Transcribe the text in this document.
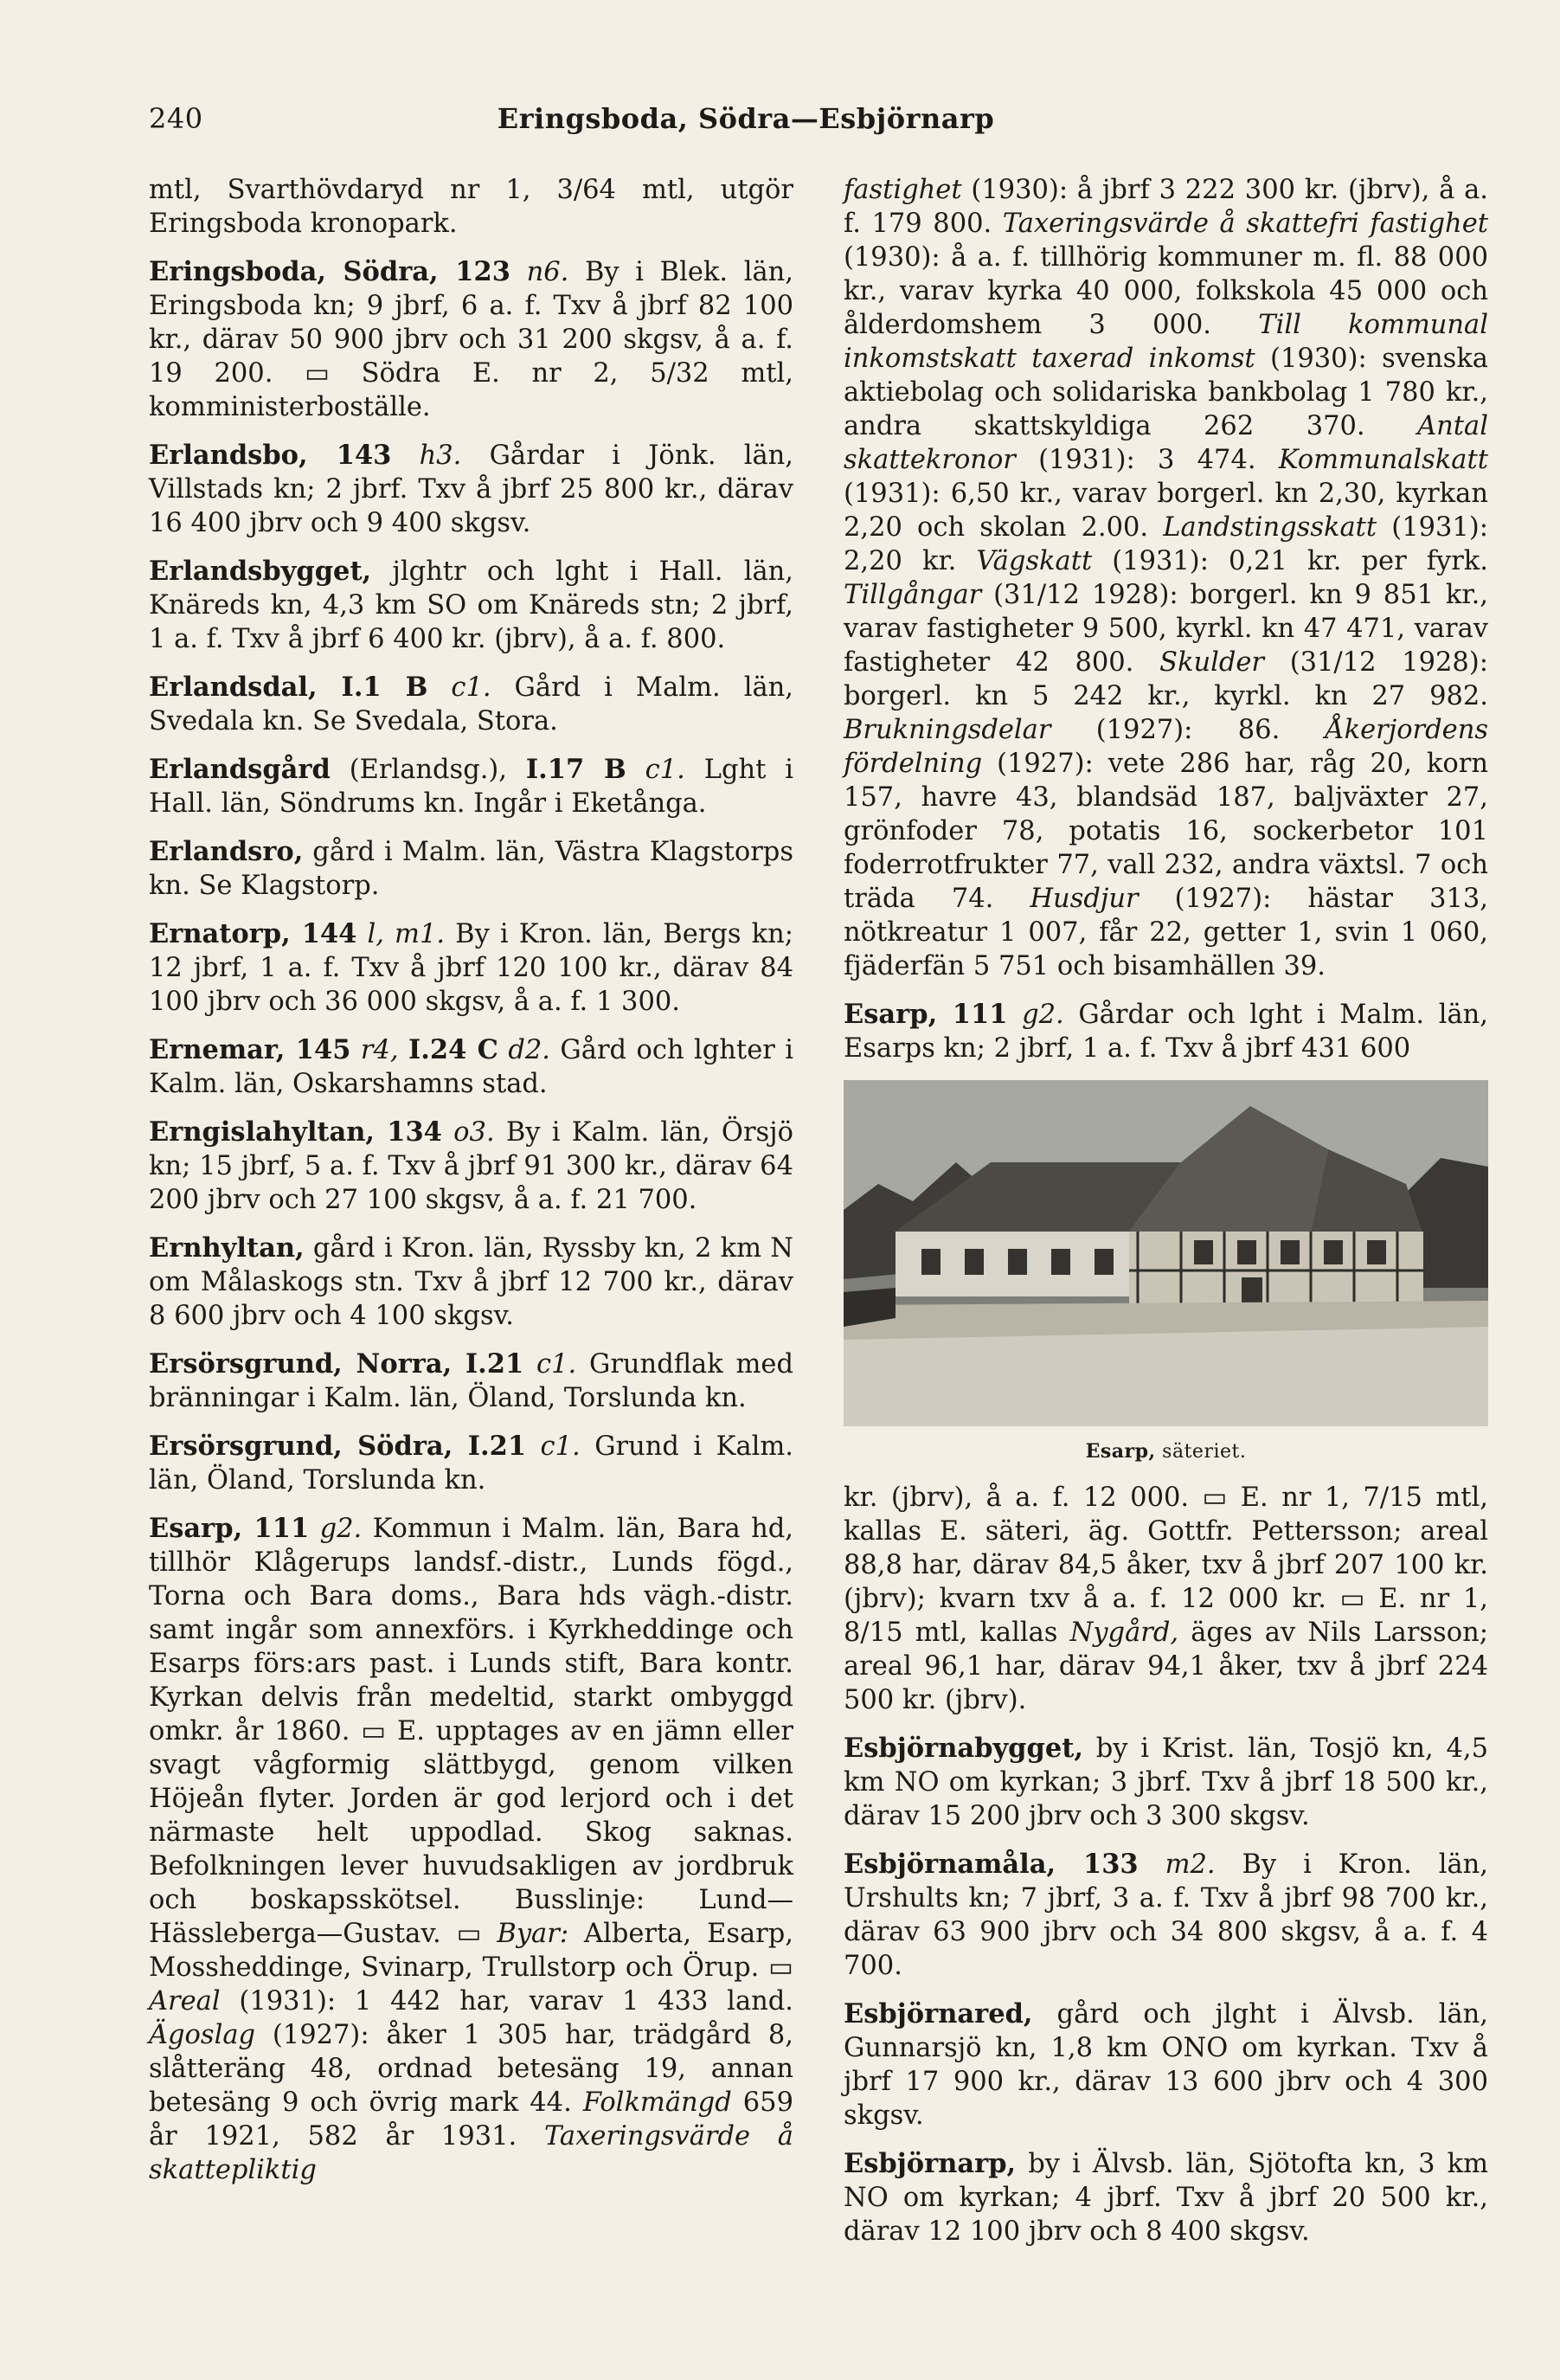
240	Eringsboda, Södra—Esbjörnarp

mtl, Svarthövdaryd nr 1, 3/64 mtl, utgör Eringsboda kronopark.

Eringsboda, Södra, 123 n6. By i Blek. län, Eringsboda kn; 9 jbrf, 6 a. f. Txv å jbrf 82 100 kr., därav 50 900 jbrv och 31 200 skgsv, å a. f. 19 200. ▭ Södra E. nr 2, 5/32 mtl, komministerboställe.

Erlandsbo, 143 h3. Gårdar i Jönk. län, Villstads kn; 2 jbrf. Txv å jbrf 25 800 kr., därav 16 400 jbrv och 9 400 skgsv.

Erlandsbygget, jlghtr och lght i Hall. län, Knäreds kn, 4,3 km SO om Knäreds stn; 2 jbrf, 1 a. f. Txv å jbrf 6 400 kr. (jbrv), å a. f. 800.

Erlandsdal, I.1 B c1. Gård i Malm. län, Svedala kn. Se Svedala, Stora.

Erlandsgård (Erlandsg.), I.17 B c1. Lght i Hall. län, Söndrums kn. Ingår i Eketånga.

Erlandsro, gård i Malm. län, Västra Klagstorps kn. Se Klagstorp.

Ernatorp, 144 l, m1. By i Kron. län, Bergs kn; 12 jbrf, 1 a. f. Txv å jbrf 120 100 kr., därav 84 100 jbrv och 36 000 skgsv, å a. f. 1 300.

Ernemar, 145 r4, I.24 C d2. Gård och lghter i Kalm. län, Oskarshamns stad.

Erngislahyltan, 134 o3. By i Kalm. län, Örsjö kn; 15 jbrf, 5 a. f. Txv å jbrf 91 300 kr., därav 64 200 jbrv och 27 100 skgsv, å a. f. 21 700.

Ernhyltan, gård i Kron. län, Ryssby kn, 2 km N om Målaskogs stn. Txv å jbrf 12 700 kr., därav 8 600 jbrv och 4 100 skgsv.

Ersörsgrund, Norra, I.21 c1. Grundflak med bränningar i Kalm. län, Öland, Torslunda kn.

Ersörsgrund, Södra, I.21 c1. Grund i Kalm. län, Öland, Torslunda kn.

Esarp, 111 g2. Kommun i Malm. län, Bara hd, tillhör Klågerups landsf.-distr., Lunds fögd., Torna och Bara doms., Bara hds vägh.-distr. samt ingår som annexförs. i Kyrkheddinge och Esarps förs:ars past. i Lunds stift, Bara kontr. Kyrkan delvis från medeltid, starkt ombyggd omkr. år 1860. ▭ E. upptages av en jämn eller svagt vågformig slättbygd, genom vilken Höjeån flyter. Jorden är god lerjord och i det närmaste helt uppodlad. Skog saknas. Befolkningen lever huvudsakligen av jordbruk och boskapsskötsel. Busslinje: Lund—Hässleberga—Gustav. ▭ Byar: Alberta, Esarp, Mossheddinge, Svinarp, Trullstorp och Örup. ▭ Areal (1931): 1 442 har, varav 1 433 land. Ägoslag (1927): åker 1 305 har, trädgård 8, slåtteräng 48, ordnad betesäng 19, annan betesäng 9 och övrig mark 44. Folkmängd 659 år 1921, 582 år 1931. Taxeringsvärde å skattepliktig

fastighet (1930): å jbrf 3 222 300 kr. (jbrv), å a. f. 179 800. Taxeringsvärde å skattefri fastighet (1930): å a. f. tillhörig kommuner m. fl. 88 000 kr., varav kyrka 40 000, folkskola 45 000 och ålderdomshem 3 000. Till kommunal inkomstskatt taxerad inkomst (1930): svenska aktiebolag och solidariska bankbolag 1 780 kr., andra skattskyldiga 262 370. Antal skattekronor (1931): 3 474. Kommunalskatt (1931): 6,50 kr., varav borgerl. kn 2,30, kyrkan 2,20 och skolan 2.00. Landstingsskatt (1931): 2,20 kr. Vägskatt (1931): 0,21 kr. per fyrk. Tillgångar (31/12 1928): borgerl. kn 9 851 kr., varav fastigheter 9 500, kyrkl. kn 47 471, varav fastigheter 42 800. Skulder (31/12 1928): borgerl. kn 5 242 kr., kyrkl. kn 27 982. Brukningsdelar (1927): 86. Åkerjordens fördelning (1927): vete 286 har, råg 20, korn 157, havre 43, blandsäd 187, baljväxter 27, grönfoder 78, potatis 16, sockerbetor 101 foderrotfrukter 77, vall 232, andra växtsl. 7 och träda 74. Husdjur (1927): hästar 313, nötkreatur 1 007, får 22, getter 1, svin 1 060, fjäderfän 5 751 och bisamhällen 39.

Esarp, 111 g2. Gårdar och lght i Malm. län, Esarps kn; 2 jbrf, 1 a. f. Txv å jbrf 431 600

Esarp, säteriet.

kr. (jbrv), å a. f. 12 000. ▭ E. nr 1, 7/15 mtl, kallas E. säteri, äg. Gottfr. Pettersson; areal 88,8 har, därav 84,5 åker, txv å jbrf 207 100 kr. (jbrv); kvarn txv å a. f. 12 000 kr. ▭ E. nr 1, 8/15 mtl, kallas Nygård, äges av Nils Larsson; areal 96,1 har, därav 94,1 åker, txv å jbrf 224 500 kr. (jbrv).

Esbjörnabygget, by i Krist. län, Tosjö kn, 4,5 km NO om kyrkan; 3 jbrf. Txv å jbrf 18 500 kr., därav 15 200 jbrv och 3 300 skgsv.

Esbjörnamåla, 133 m2. By i Kron. län, Urshults kn; 7 jbrf, 3 a. f. Txv å jbrf 98 700 kr., därav 63 900 jbrv och 34 800 skgsv, å a. f. 4 700.

Esbjörnared, gård och jlght i Älvsb. län, Gunnarsjö kn, 1,8 km ONO om kyrkan. Txv å jbrf 17 900 kr., därav 13 600 jbrv och 4 300 skgsv.

Esbjörnarp, by i Älvsb. län, Sjötofta kn, 3 km NO om kyrkan; 4 jbrf. Txv å jbrf 20 500 kr., därav 12 100 jbrv och 8 400 skgsv.
